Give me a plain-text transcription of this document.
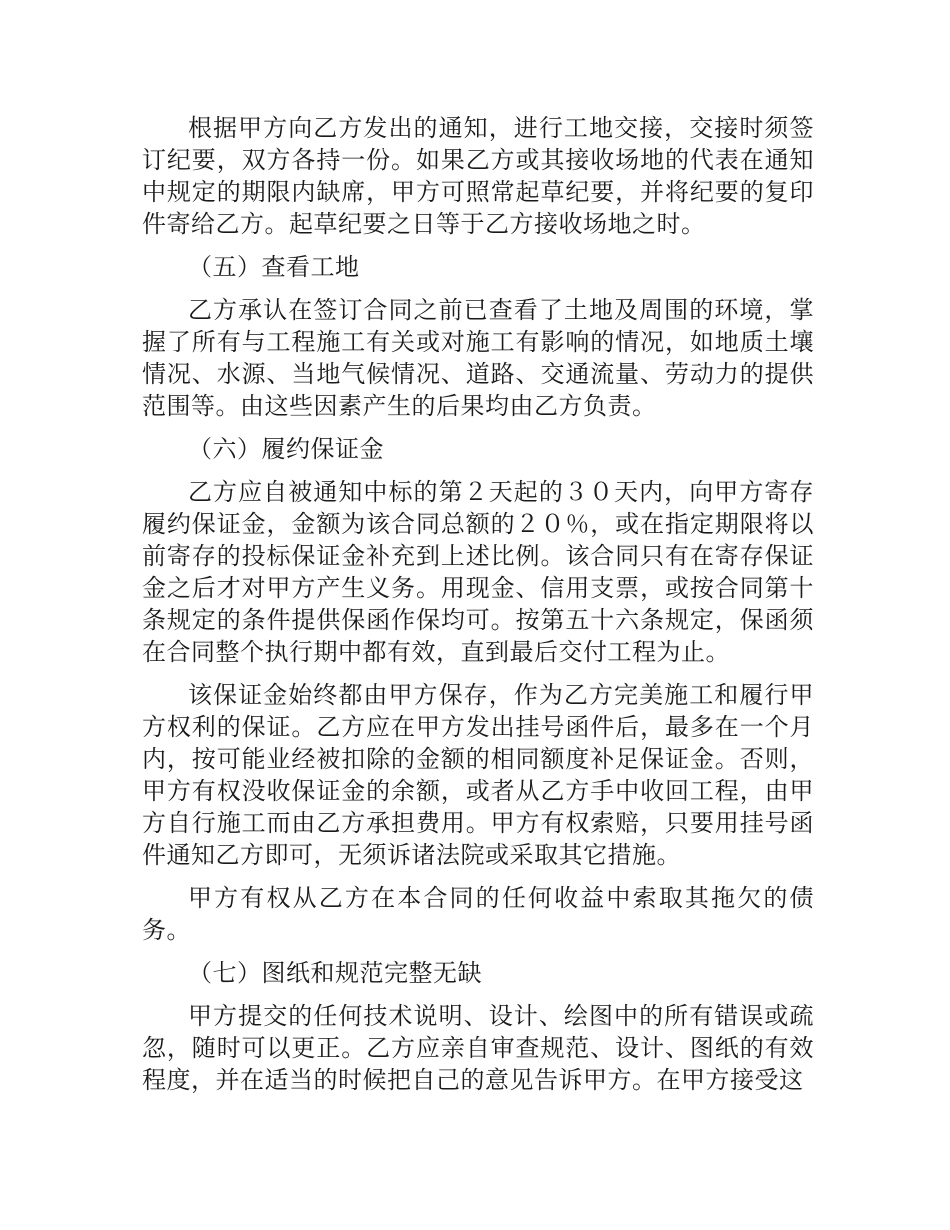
根据甲方向乙方发出的通知，进行工地交接，交接时须签订纪要，双方各持一份。如果乙方或其接收场地的代表在通知中规定的期限内缺席，甲方可照常起草纪要，并将纪要的复印件寄给乙方。起草纪要之日等于乙方接收场地之时。

（五）查看工地

乙方承认在签订合同之前已查看了土地及周围的环境，掌握了所有与工程施工有关或对施工有影响的情况，如地质土壤情况、水源、当地气候情况、道路、交通流量、劳动力的提供范围等。由这些因素产生的后果均由乙方负责。

（六）履约保证金

乙方应自被通知中标的第２天起的３０天内，向甲方寄存履约保证金，金额为该合同总额的２０％，或在指定期限将以前寄存的投标保证金补充到上述比例。该合同只有在寄存保证金之后才对甲方产生义务。用现金、信用支票，或按合同第十条规定的条件提供保函作保均可。按第五十六条规定，保函须在合同整个执行期中都有效，直到最后交付工程为止。

该保证金始终都由甲方保存，作为乙方完美施工和履行甲方权利的保证。乙方应在甲方发出挂号函件后，最多在一个月内，按可能业经被扣除的金额的相同额度补足保证金。否则，甲方有权没收保证金的余额，或者从乙方手中收回工程，由甲方自行施工而由乙方承担费用。甲方有权索赔，只要用挂号函件通知乙方即可，无须诉诸法院或采取其它措施。

甲方有权从乙方在本合同的任何收益中索取其拖欠的债务。

（七）图纸和规范完整无缺

甲方提交的任何技术说明、设计、绘图中的所有错误或疏忽，随时可以更正。乙方应亲自审查规范、设计、图纸的有效程度，并在适当的时候把自己的意见告诉甲方。在甲方接受这
